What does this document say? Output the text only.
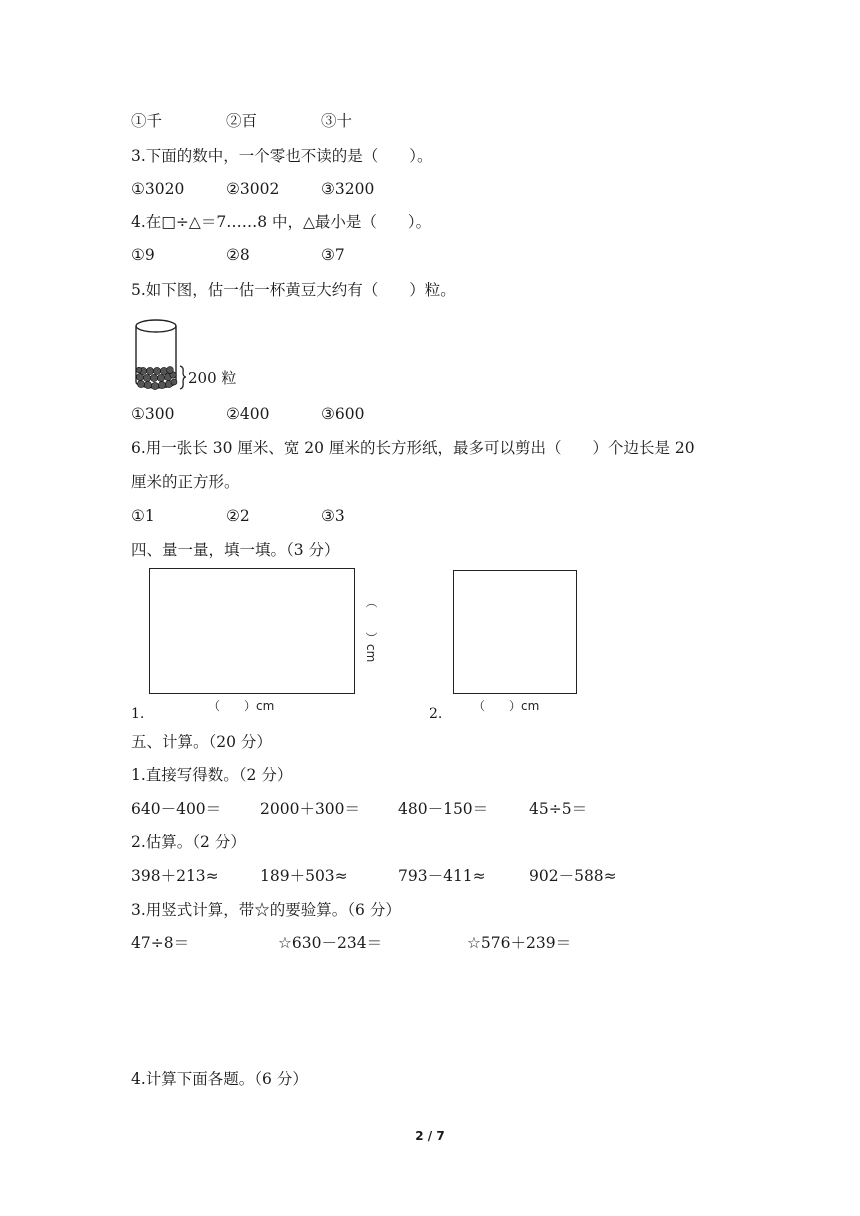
①千	②百	③十
3.下面的数中，一个零也不读的是（　　）。
①3020	②3002	③3200
4.在□÷△＝7……8 中，△最小是（　　）。
①9	②8	③7
5.如下图，估一估一杯黄豆大约有（　　）粒。
200 粒
①300	②400	③600
6.用一张长 30 厘米、宽 20 厘米的长方形纸，最多可以剪出（　　）个边长是 20
厘米的正方形。
①1	②2	③3
四、量一量，填一填。（3 分）
（　　）cm
（　　）cm
1.	（　　）cm
2.
五、计算。（20 分）
1.直接写得数。（2 分）
640－400＝	2000＋300＝ 480－150＝	45÷5＝
2.估算。（2 分）
398＋213≈	189＋503≈	793－411≈	902－588≈
3.用竖式计算，带☆的要验算。（6 分）
47÷8＝	☆630－234＝	☆576＋239＝
4.计算下面各题。（6 分）
2 / 7
